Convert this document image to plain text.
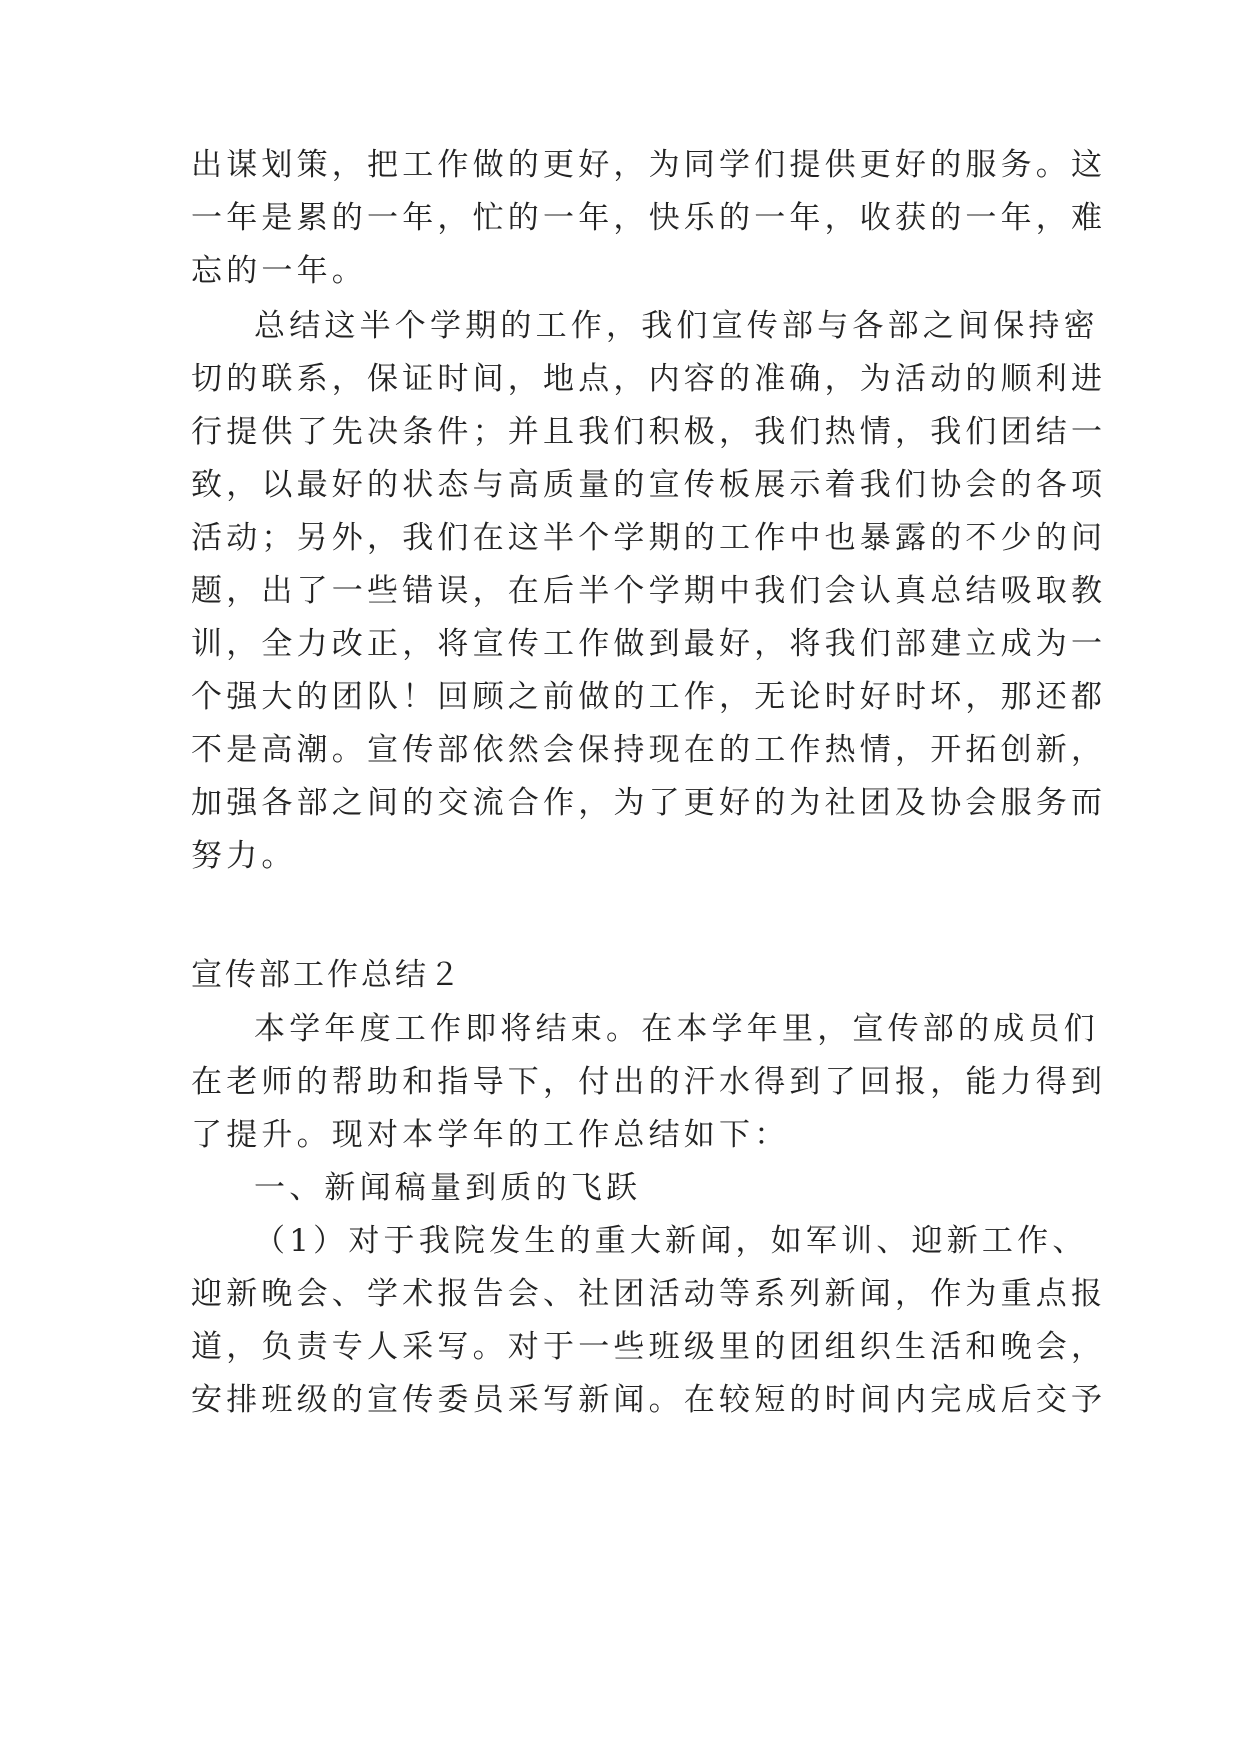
出谋划策，把工作做的更好，为同学们提供更好的服务。这
一年是累的一年，忙的一年，快乐的一年，收获的一年，难
忘的一年。
总结这半个学期的工作，我们宣传部与各部之间保持密
切的联系，保证时间，地点，内容的准确，为活动的顺利进
行提供了先决条件；并且我们积极，我们热情，我们团结一
致，以最好的状态与高质量的宣传板展示着我们协会的各项
活动；另外，我们在这半个学期的工作中也暴露的不少的问
题，出了一些错误，在后半个学期中我们会认真总结吸取教
训，全力改正，将宣传工作做到最好，将我们部建立成为一
个强大的团队！回顾之前做的工作，无论时好时坏，那还都
不是高潮。宣传部依然会保持现在的工作热情，开拓创新，
加强各部之间的交流合作，为了更好的为社团及协会服务而
努力。
宣传部工作总结２
本学年度工作即将结束。在本学年里，宣传部的成员们
在老师的帮助和指导下，付出的汗水得到了回报，能力得到
了提升。现对本学年的工作总结如下：
一、新闻稿量到质的飞跃
（1）对于我院发生的重大新闻，如军训、迎新工作、
迎新晚会、学术报告会、社团活动等系列新闻，作为重点报
道，负责专人采写。对于一些班级里的团组织生活和晚会，
安排班级的宣传委员采写新闻。在较短的时间内完成后交予
